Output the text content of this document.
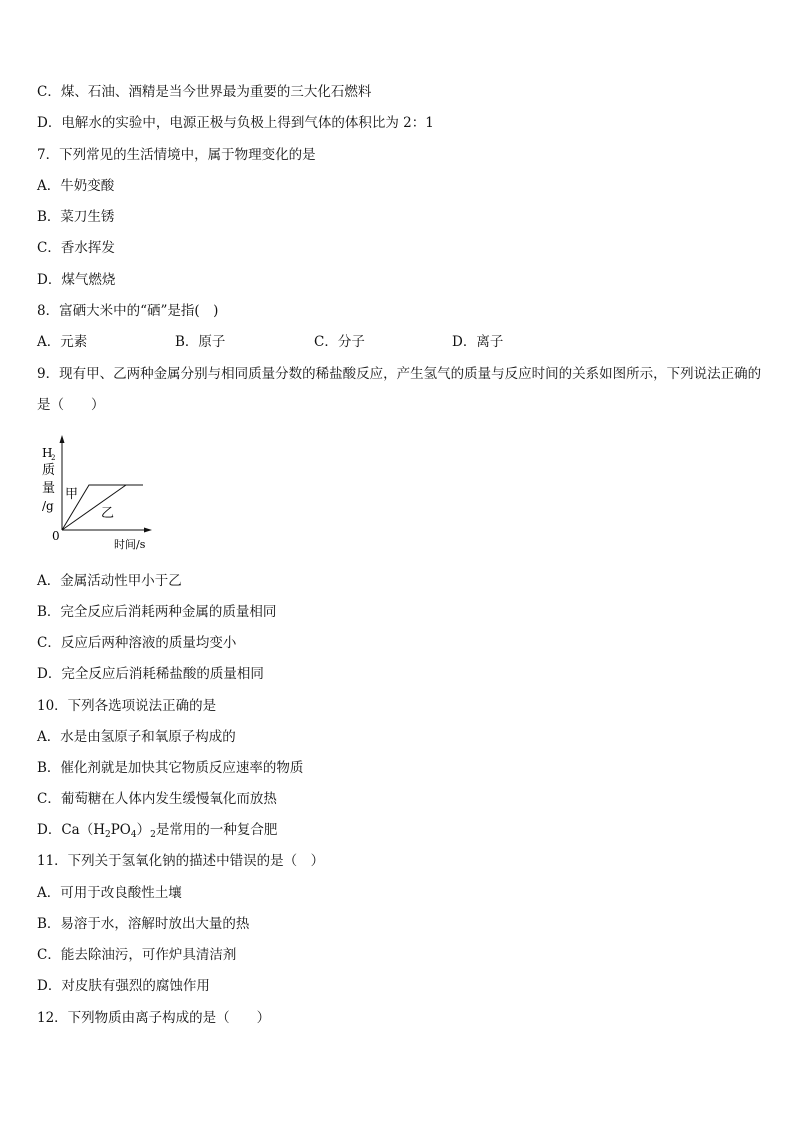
C．煤、石油、酒精是当今世界最为重要的三大化石燃料
D．电解水的实验中，电源正极与负极上得到气体的体积比为 2：1
7．下列常见的生活情境中，属于物理变化的是
A．牛奶变酸
B．菜刀生锈
C．香水挥发
D．煤气燃烧
8．富硒大米中的“硒”是指(　)
A．元素	B．原子	C．分子	D．离子
9．现有甲、乙两种金属分别与相同质量分数的稀盐酸反应，产生氢气的质量与反应时间的关系如图所示，下列说法正确的是（　　）
H
2
质
量
/g
0
时间/s
甲
乙
A．金属活动性甲小于乙
B．完全反应后消耗两种金属的质量相同
C．反应后两种溶液的质量均变小
D．完全反应后消耗稀盐酸的质量相同
10．下列各选项说法正确的是
A．水是由氢原子和氧原子构成的
B．催化剂就是加快其它物质反应速率的物质
C．葡萄糖在人体内发生缓慢氧化而放热
D．$Ca(H_2PO_4)_2$是常用的一种复合肥
11．下列关于氢氧化钠的描述中错误的是（　）
A．可用于改良酸性土壤
B．易溶于水，溶解时放出大量的热
C．能去除油污，可作炉具清洁剂
D．对皮肤有强烈的腐蚀作用
12．下列物质由离子构成的是（　　）
